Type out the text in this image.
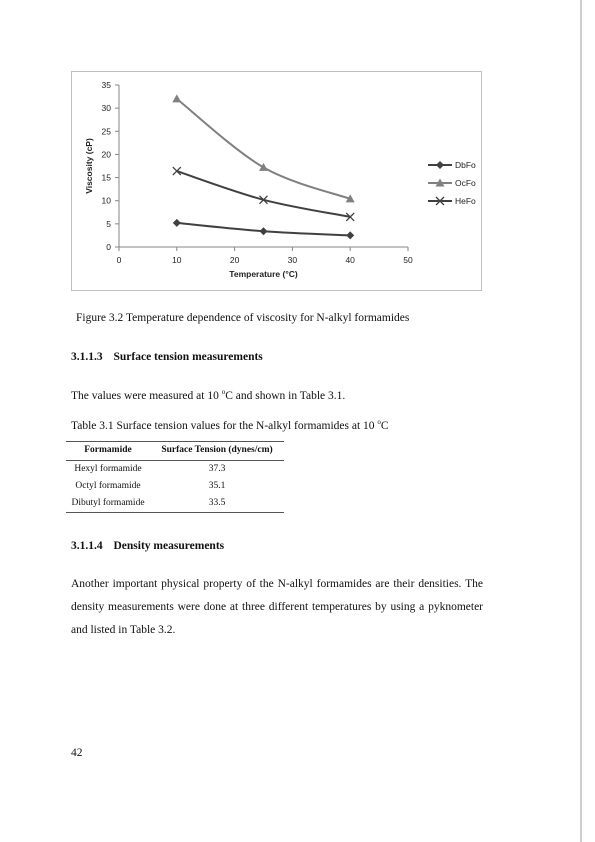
0
5
10
15
20
25
30
35
0	10	20	30	40	50
Temperature (°C)
Viscosity (cP)	DbFo
OcFo
HeFo
Figure 3.2 Temperature dependence of viscosity for N-alkyl formamides
3.1.1.3 Surface tension measurements
The values were measured at 10 $^o$C and shown in Table 3.1.
Table 3.1 Surface tension values for the N-alkyl formamides at 10 $^o$C
Formamide	Surface Tension (dynes/cm)
Hexyl formamide	37.3
Octyl formamide	35.1
Dibutyl formamide	33.5
3.1.1.4 Density measurements
Another important physical property of the N-alkyl formamides are their densities. The density measurements were done at three different temperatures by using a pyknometer and listed in Table 3.2.
42
